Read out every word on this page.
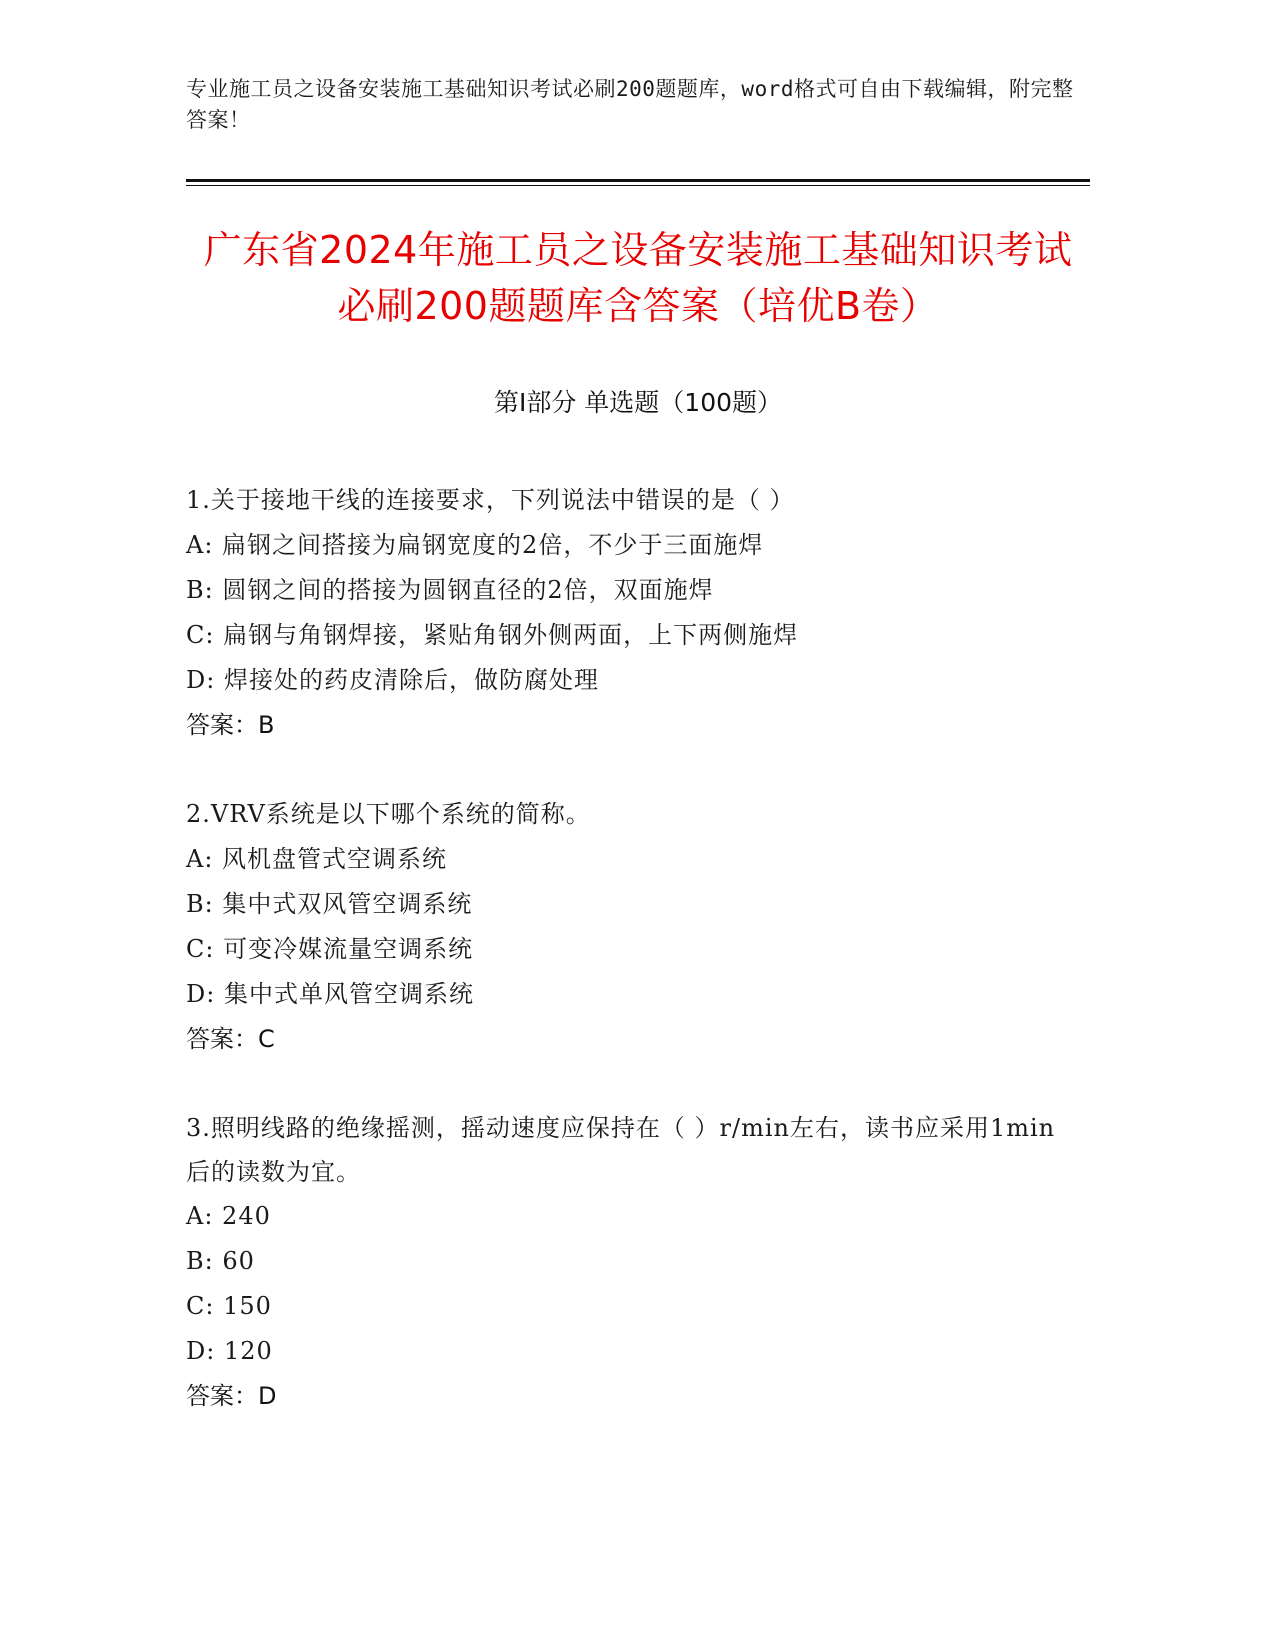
专业施工员之设备安装施工基础知识考试必刷200题题库，word格式可自由下载编辑，附完整答案！
广东省2024年施工员之设备安装施工基础知识考试必刷200题题库含答案（培优B卷）
第Ⅰ部分 单选题（100题）
1.关于接地干线的连接要求，下列说法中错误的是（ ）
A: 扁钢之间搭接为扁钢宽度的2倍，不少于三面施焊
B: 圆钢之间的搭接为圆钢直径的2倍，双面施焊
C: 扁钢与角钢焊接，紧贴角钢外侧两面，上下两侧施焊
D: 焊接处的药皮清除后，做防腐处理
答案：B
2.VRV系统是以下哪个系统的简称。
A: 风机盘管式空调系统
B: 集中式双风管空调系统
C: 可变冷媒流量空调系统
D: 集中式单风管空调系统
答案：C
3.照明线路的绝缘摇测，摇动速度应保持在（ ）r/min左右，读书应采用1min后的读数为宜。
A: 240
B: 60
C: 150
D: 120
答案：D
